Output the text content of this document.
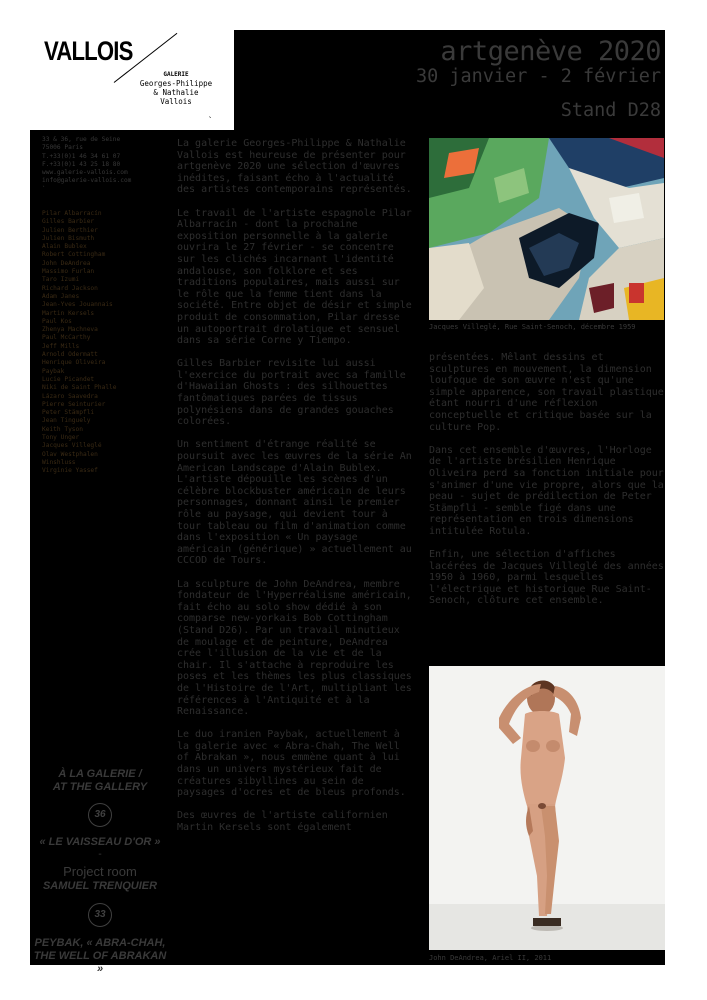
VALLOIS
GALERIE
Georges-Philippe
& Nathalie
Vallois
`
artgenève 2020
30 janvier - 2 février
Stand D28
33 & 36, rue de Seine
75006 Paris
T.+33(0)1 46 34 61 07
F.+33(0)1 43 25 18 80
www.galerie-vallois.com
info@galerie-vallois.com
`
Pilar Albarracín
Gilles Barbier
Julien Berthier
Julien Bismuth
Alain Bublex
Robert Cottingham
John DeAndrea
Massimo Furlan
Taro Izumi
Richard Jackson
Adam Janes
Jean-Yves Jouannais
Martin Kersels
Paul Kos
Zhenya Machneva
Paul McCarthy
Jeff Mills
Arnold Odermatt
Henrique Oliveira
Paybak
Lucie Picandet
Niki de Saint Phalle
Lázaro Saavedra
Pierre Seinturier
Peter Stämpfli
Jean Tinguely
Keith Tyson
Tony Unger
Jacques Villeglé
Olav Westphalen
Winshluss
Virginie Yassef

La galerie Georges-Philippe & Nathalie Vallois est heureuse de présenter pour artgenève 2020 une sélection d'œuvres inédites, faisant écho à l'actualité des artistes contemporains représentés.

Le travail de l'artiste espagnole Pilar Albarracín - dont la prochaine exposition personnelle à la galerie ouvrira le 27 février - se concentre sur les clichés incarnant l'identité andalouse, son folklore et ses traditions populaires, mais aussi sur le rôle que la femme tient dans la société. Entre objet de désir et simple produit de consommation, Pilar dresse un autoportrait drolatique et sensuel dans sa série Corne y Tiempo.

Gilles Barbier revisite lui aussi l'exercice du portrait avec sa famille d'Hawaiian Ghosts : des silhouettes fantômatiques parées de tissus polynésiens dans de grandes gouaches colorées.

Un sentiment d'étrange réalité se poursuit avec les œuvres de la série An American Landscape d'Alain Bublex. L'artiste dépouille les scènes d'un célèbre blockbuster américain de leurs personnages, donnant ainsi le premier rôle au paysage, qui devient tour à tour tableau ou film d'animation comme dans l'exposition « Un paysage américain (générique) » actuellement au CCCOD de Tours.

La sculpture de John DeAndrea, membre fondateur de l'Hyperréalisme américain, fait écho au solo show dédié à son comparse new-yorkais Bob Cottingham (Stand D26). Par un travail minutieux de moulage et de peinture, DeAndrea crée l'illusion de la vie et de la chair. Il s'attache à reproduire les poses et les thèmes les plus classiques de l'Histoire de l'Art, multipliant les références à l'Antiquité et à la Renaissance.

Le duo iranien Paybak, actuellement à la galerie avec « Abra-Chah, The Well of Abrakan », nous emmène quant à lui dans un univers mystérieux fait de créatures sibyllines au sein de paysages d'ocres et de bleus profonds.

Des œuvres de l'artiste californien Martin Kersels sont également

Jacques Villeglé, Rue Saint-Senoch, décembre 1959

présentées. Mêlant dessins et sculptures en mouvement, la dimension loufoque de son œuvre n'est qu'une simple apparence, son travail plastique étant nourri d'une réflexion conceptuelle et critique basée sur la culture Pop.

Dans cet ensemble d'œuvres, l'Horloge de l'artiste brésilien Henrique Oliveira perd sa fonction initiale pour s'animer d'une vie propre, alors que la peau - sujet de prédilection de Peter Stämpfli - semble figé dans une représentation en trois dimensions intitulée Rotula.

Enfin, une sélection d'affiches lacérées de Jacques Villeglé des années 1950 à 1960, parmi lesquelles l'électrique et historique Rue Saint-Senoch, clôture cet ensemble.

John DeAndrea, Ariel II, 2011
À LA GALERIE /
AT THE GALLERY
36
« LE VAISSEAU D'OR »
-
Project room
SAMUEL TRENQUIER
33
PEYBAK, « ABRA-CHAH,
THE WELL OF ABRAKAN »
